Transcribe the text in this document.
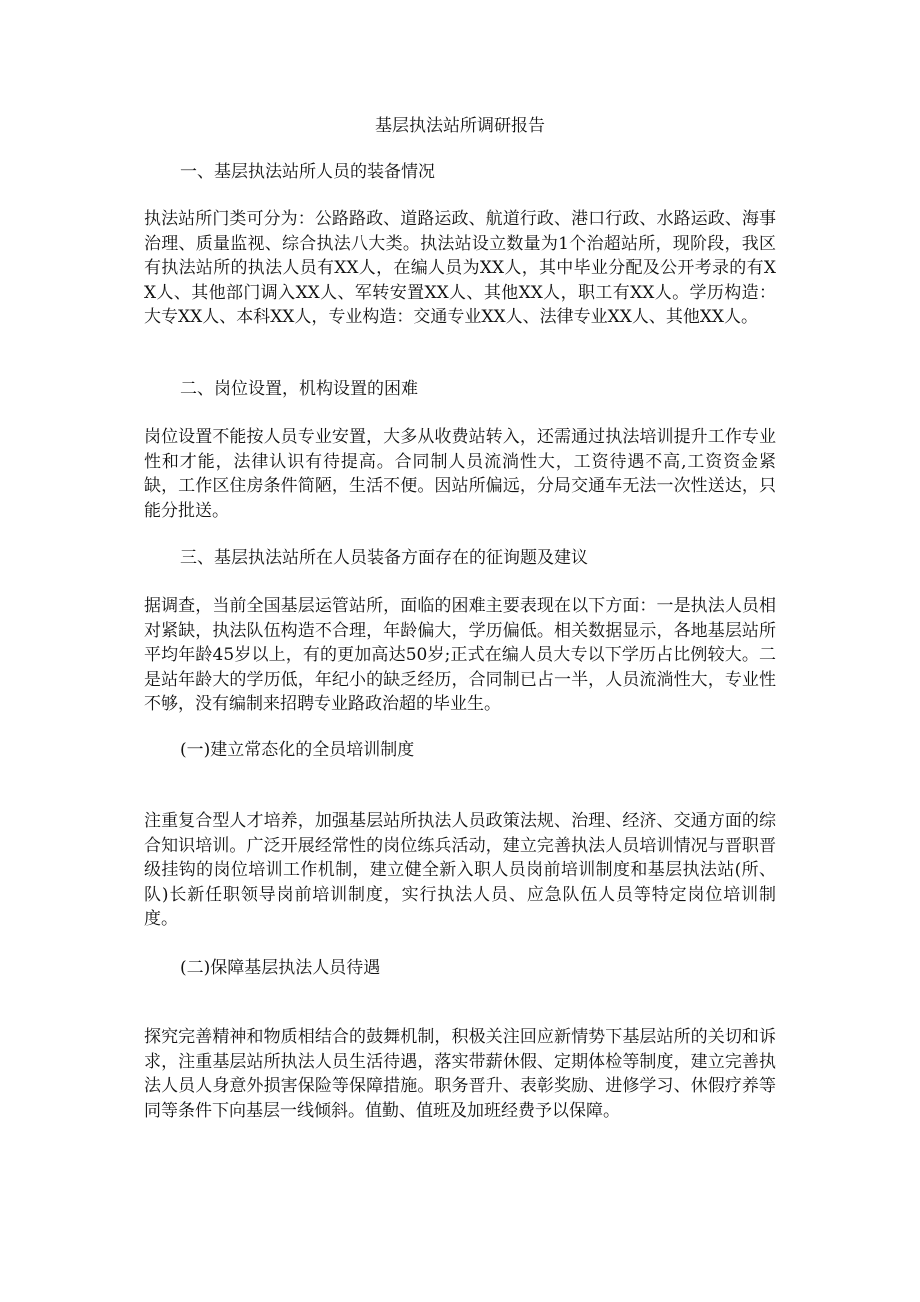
基层执法站所调研报告
一、基层执法站所人员的装备情况

执法站所门类可分为：公路路政、道路运政、航道行政、港口行政、水路运政、海事治理、质量监视、综合执法八大类。执法站设立数量为1个治超站所，现阶段，我区有执法站所的执法人员有XX人，在编人员为XX人，其中毕业分配及公开考录的有XX人、其他部门调入XX人、军转安置XX人、其他XX人，职工有XX人。学历构造：大专XX人、本科XX人，专业构造：交通专业XX人、法律专业XX人、其他XX人。

二、岗位设置，机构设置的困难

岗位设置不能按人员专业安置，大多从收费站转入，还需通过执法培训提升工作专业性和才能，法律认识有待提高。合同制人员流淌性大，工资待遇不高,工资资金紧缺，工作区住房条件简陋，生活不便。因站所偏远，分局交通车无法一次性送达，只能分批送。

三、基层执法站所在人员装备方面存在的征询题及建议

据调查，当前全国基层运管站所，面临的困难主要表现在以下方面：一是执法人员相对紧缺，执法队伍构造不合理，年龄偏大，学历偏低。相关数据显示，各地基层站所平均年龄45岁以上，有的更加高达50岁;正式在编人员大专以下学历占比例较大。二是站年龄大的学历低，年纪小的缺乏经历，合同制已占一半，人员流淌性大，专业性不够，没有编制来招聘专业路政治超的毕业生。

(一)建立常态化的全员培训制度

注重复合型人才培养，加强基层站所执法人员政策法规、治理、经济、交通方面的综合知识培训。广泛开展经常性的岗位练兵活动，建立完善执法人员培训情况与晋职晋级挂钩的岗位培训工作机制，建立健全新入职人员岗前培训制度和基层执法站(所、队)长新任职领导岗前培训制度，实行执法人员、应急队伍人员等特定岗位培训制度。

(二)保障基层执法人员待遇

探究完善精神和物质相结合的鼓舞机制，积极关注回应新情势下基层站所的关切和诉求，注重基层站所执法人员生活待遇，落实带薪休假、定期体检等制度，建立完善执法人员人身意外损害保险等保障措施。职务晋升、表彰奖励、进修学习、休假疗养等同等条件下向基层一线倾斜。值勤、值班及加班经费予以保障。
